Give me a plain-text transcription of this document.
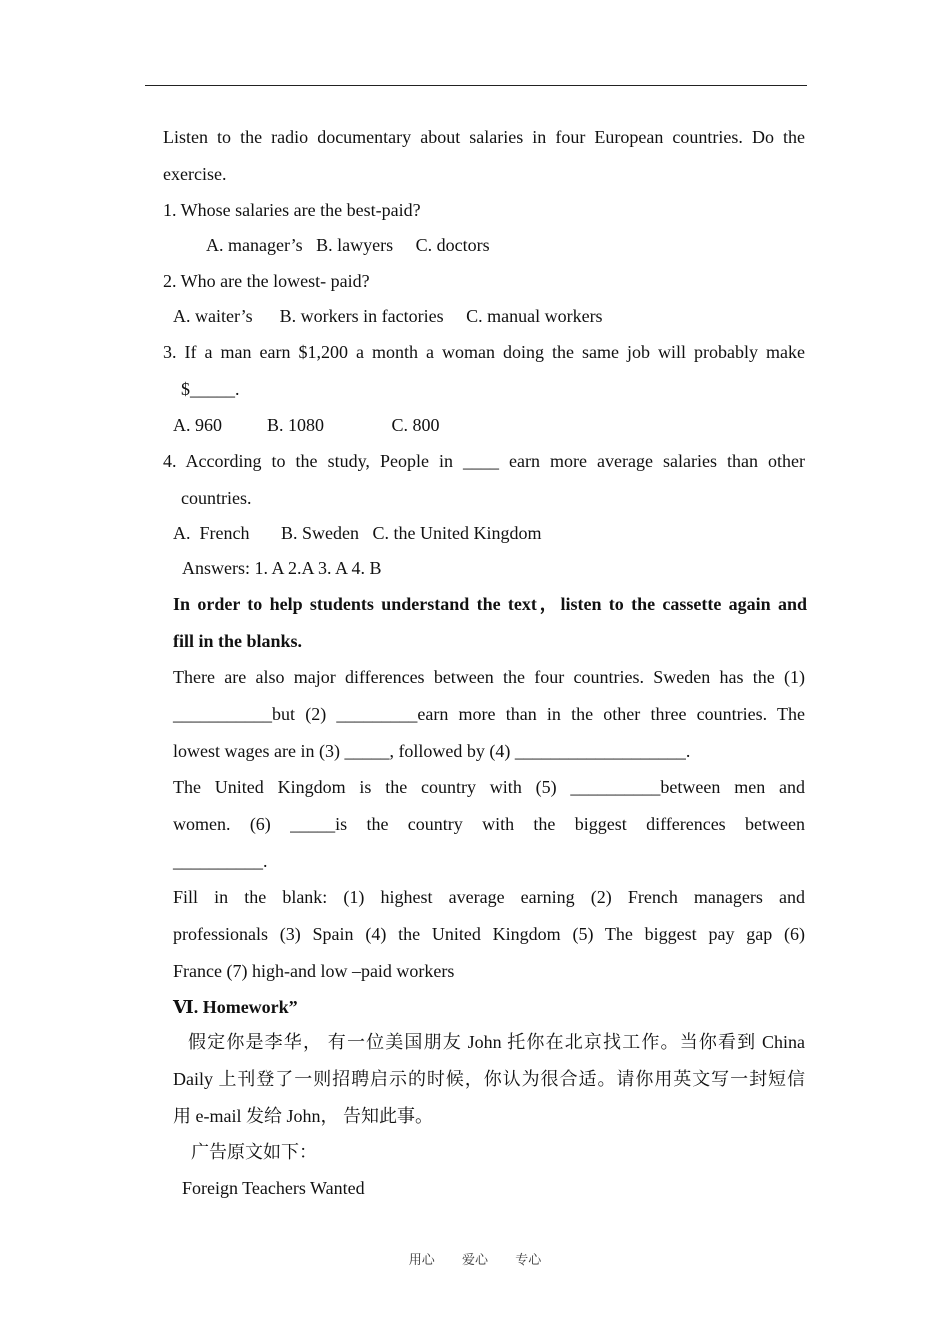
Listen to the radio documentary about salaries in four European countries. Do the
exercise.
1. Whose salaries are the best-paid?
A. manager’s   B. lawyers     C. doctors
2. Who are the lowest- paid?
A. waiter’s      B. workers in factories     C. manual workers
3. If a man earn $1,200 a month a woman doing the same job will probably make
$_____.
A. 960          B. 1080               C. 800
4. According to the study, People in ____ earn more average salaries than other
countries.
A.  French       B. Sweden   C. the United Kingdom
Answers: 1. A 2.A 3. A 4. B
In order to help students understand the text，listen to the cassette again and
fill in the blanks.
There are also major differences between the four countries. Sweden has the (1)
___________but (2) _________earn more than in the other three countries. The
lowest wages are in (3) _____, followed by (4) ___________________.
The United Kingdom is the country with (5) __________between men and
women. (6) _____is the country with the biggest differences between
__________.
Fill in the blank: (1) highest average earning (2) French managers and
professionals (3) Spain (4) the United Kingdom (5) The biggest pay gap (6)
France (7) high-and low –paid workers
Ⅵ. Homework”
假定你是李华， 有一位美国朋友 John 托你在北京找工作。当你看到 China
Daily 上刊登了一则招聘启示的时候，你认为很合适。请你用英文写一封短信
用 e-mail 发给 John， 告知此事。
广告原文如下：
Foreign Teachers Wanted
用心 爱心 专心
